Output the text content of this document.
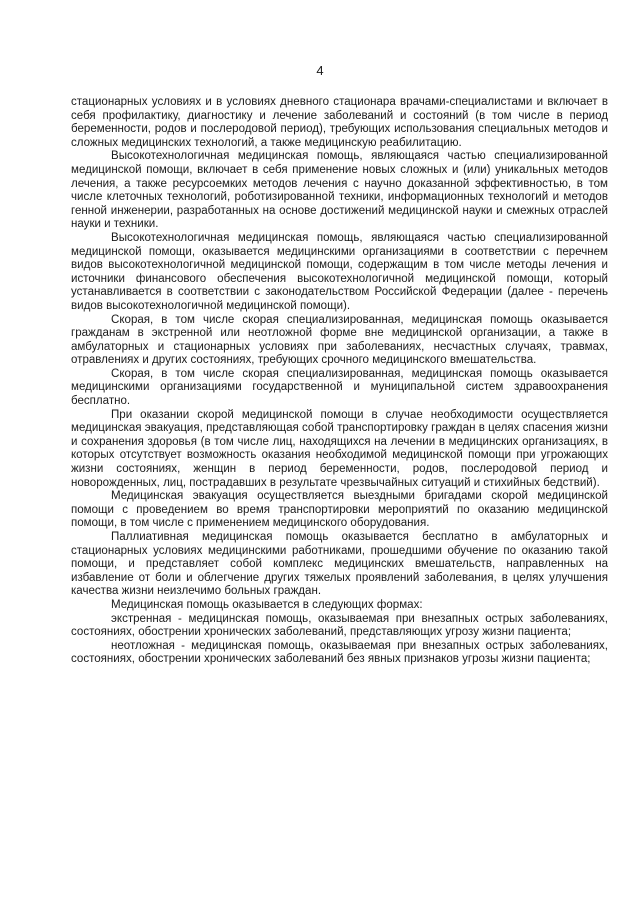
4

стационарных условиях и в условиях дневного стационара врачами-специалистами и включает в себя профилактику, диагностику и лечение заболеваний и состояний (в том числе в период беременности, родов и послеродовой период), требующих использования специальных методов и сложных медицинских технологий, а также медицинскую реабилитацию.

Высокотехнологичная медицинская помощь, являющаяся частью специализированной медицинской помощи, включает в себя применение новых сложных и (или) уникальных методов лечения, а также ресурсоемких методов лечения с научно доказанной эффективностью, в том числе клеточных технологий, роботизированной техники, информационных технологий и методов генной инженерии, разработанных на основе достижений медицинской науки и смежных отраслей науки и техники.

Высокотехнологичная медицинская помощь, являющаяся частью специализированной медицинской помощи, оказывается медицинскими организациями в соответствии с перечнем видов высокотехнологичной медицинской помощи, содержащим в том числе методы лечения и источники финансового обеспечения высокотехнологичной медицинской помощи, который устанавливается в соответствии с законодательством Российской Федерации (далее - перечень видов высокотехнологичной медицинской помощи).

Скорая, в том числе скорая специализированная, медицинская помощь оказывается гражданам в экстренной или неотложной форме вне медицинской организации, а также в амбулаторных и стационарных условиях при заболеваниях, несчастных случаях, травмах, отравлениях и других состояниях, требующих срочного медицинского вмешательства.

Скорая, в том числе скорая специализированная, медицинская помощь оказывается медицинскими организациями государственной и муниципальной систем здравоохранения бесплатно.

При оказании скорой медицинской помощи в случае необходимости осуществляется медицинская эвакуация, представляющая собой транспортировку граждан в целях спасения жизни и сохранения здоровья (в том числе лиц, находящихся на лечении в медицинских организациях, в которых отсутствует возможность оказания необходимой медицинской помощи при угрожающих жизни состояниях, женщин в период беременности, родов, послеродовой период и новорожденных, лиц, пострадавших в результате чрезвычайных ситуаций и стихийных бедствий).

Медицинская эвакуация осуществляется выездными бригадами скорой медицинской помощи с проведением во время транспортировки мероприятий по оказанию медицинской помощи, в том числе с применением медицинского оборудования.

Паллиативная медицинская помощь оказывается бесплатно в амбулаторных и стационарных условиях медицинскими работниками, прошедшими обучение по оказанию такой помощи, и представляет собой комплекс медицинских вмешательств, направленных на избавление от боли и облегчение других тяжелых проявлений заболевания, в целях улучшения качества жизни неизлечимо больных граждан.

Медицинская помощь оказывается в следующих формах:

экстренная - медицинская помощь, оказываемая при внезапных острых заболеваниях, состояниях, обострении хронических заболеваний, представляющих угрозу жизни пациента;

неотложная - медицинская помощь, оказываемая при внезапных острых заболеваниях, состояниях, обострении хронических заболеваний без явных признаков угрозы жизни пациента;
